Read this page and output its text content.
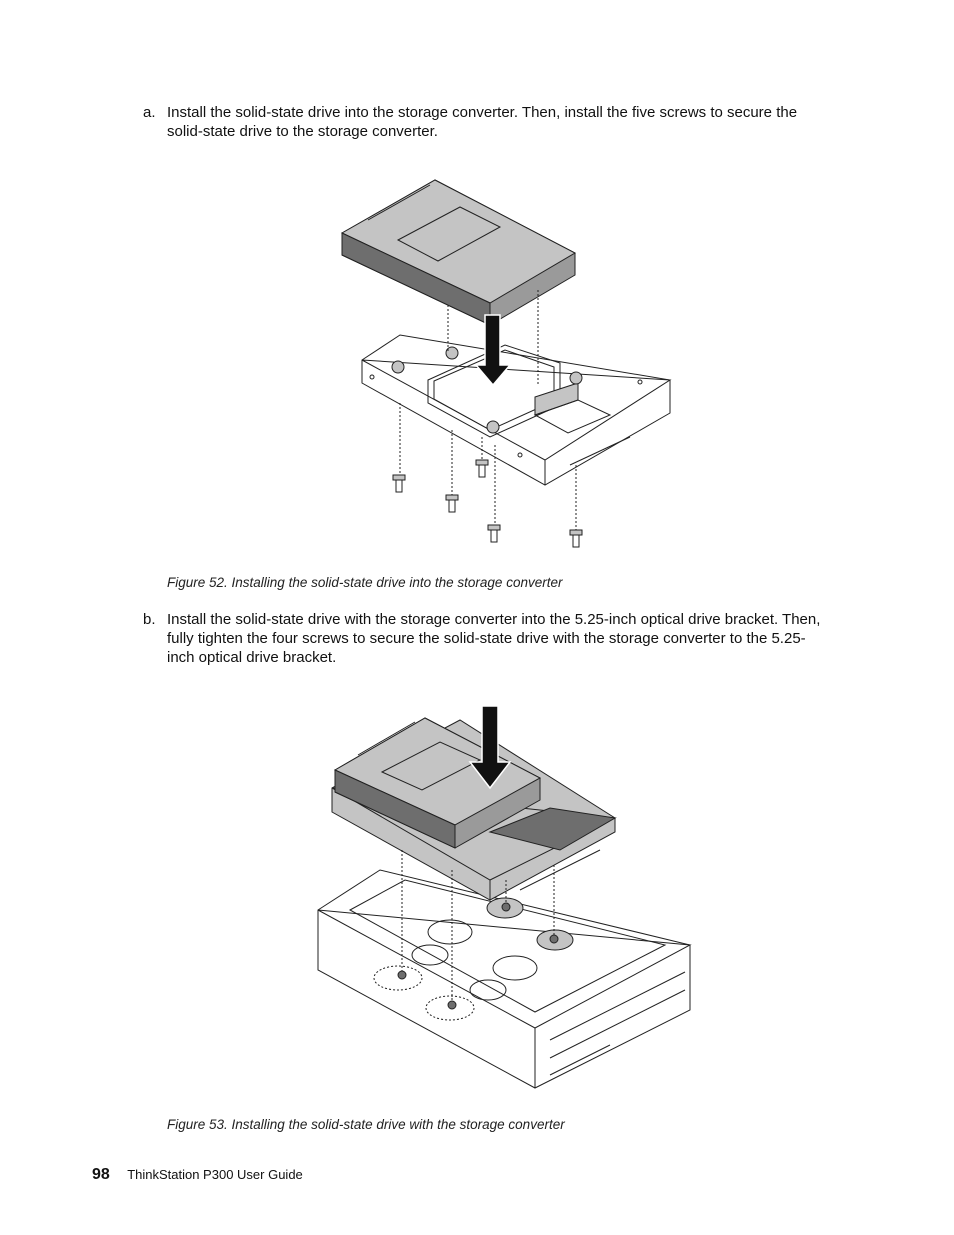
a. Install the solid-state drive into the storage converter. Then, install the five screws to secure the solid-state drive to the storage converter.
Figure 52. Installing the solid-state drive into the storage converter
b. Install the solid-state drive with the storage converter into the 5.25-inch optical drive bracket. Then, fully tighten the four screws to secure the solid-state drive with the storage converter to the 5.25-inch optical drive bracket.
Figure 53. Installing the solid-state drive with the storage converter
98 ThinkStation P300 User Guide
